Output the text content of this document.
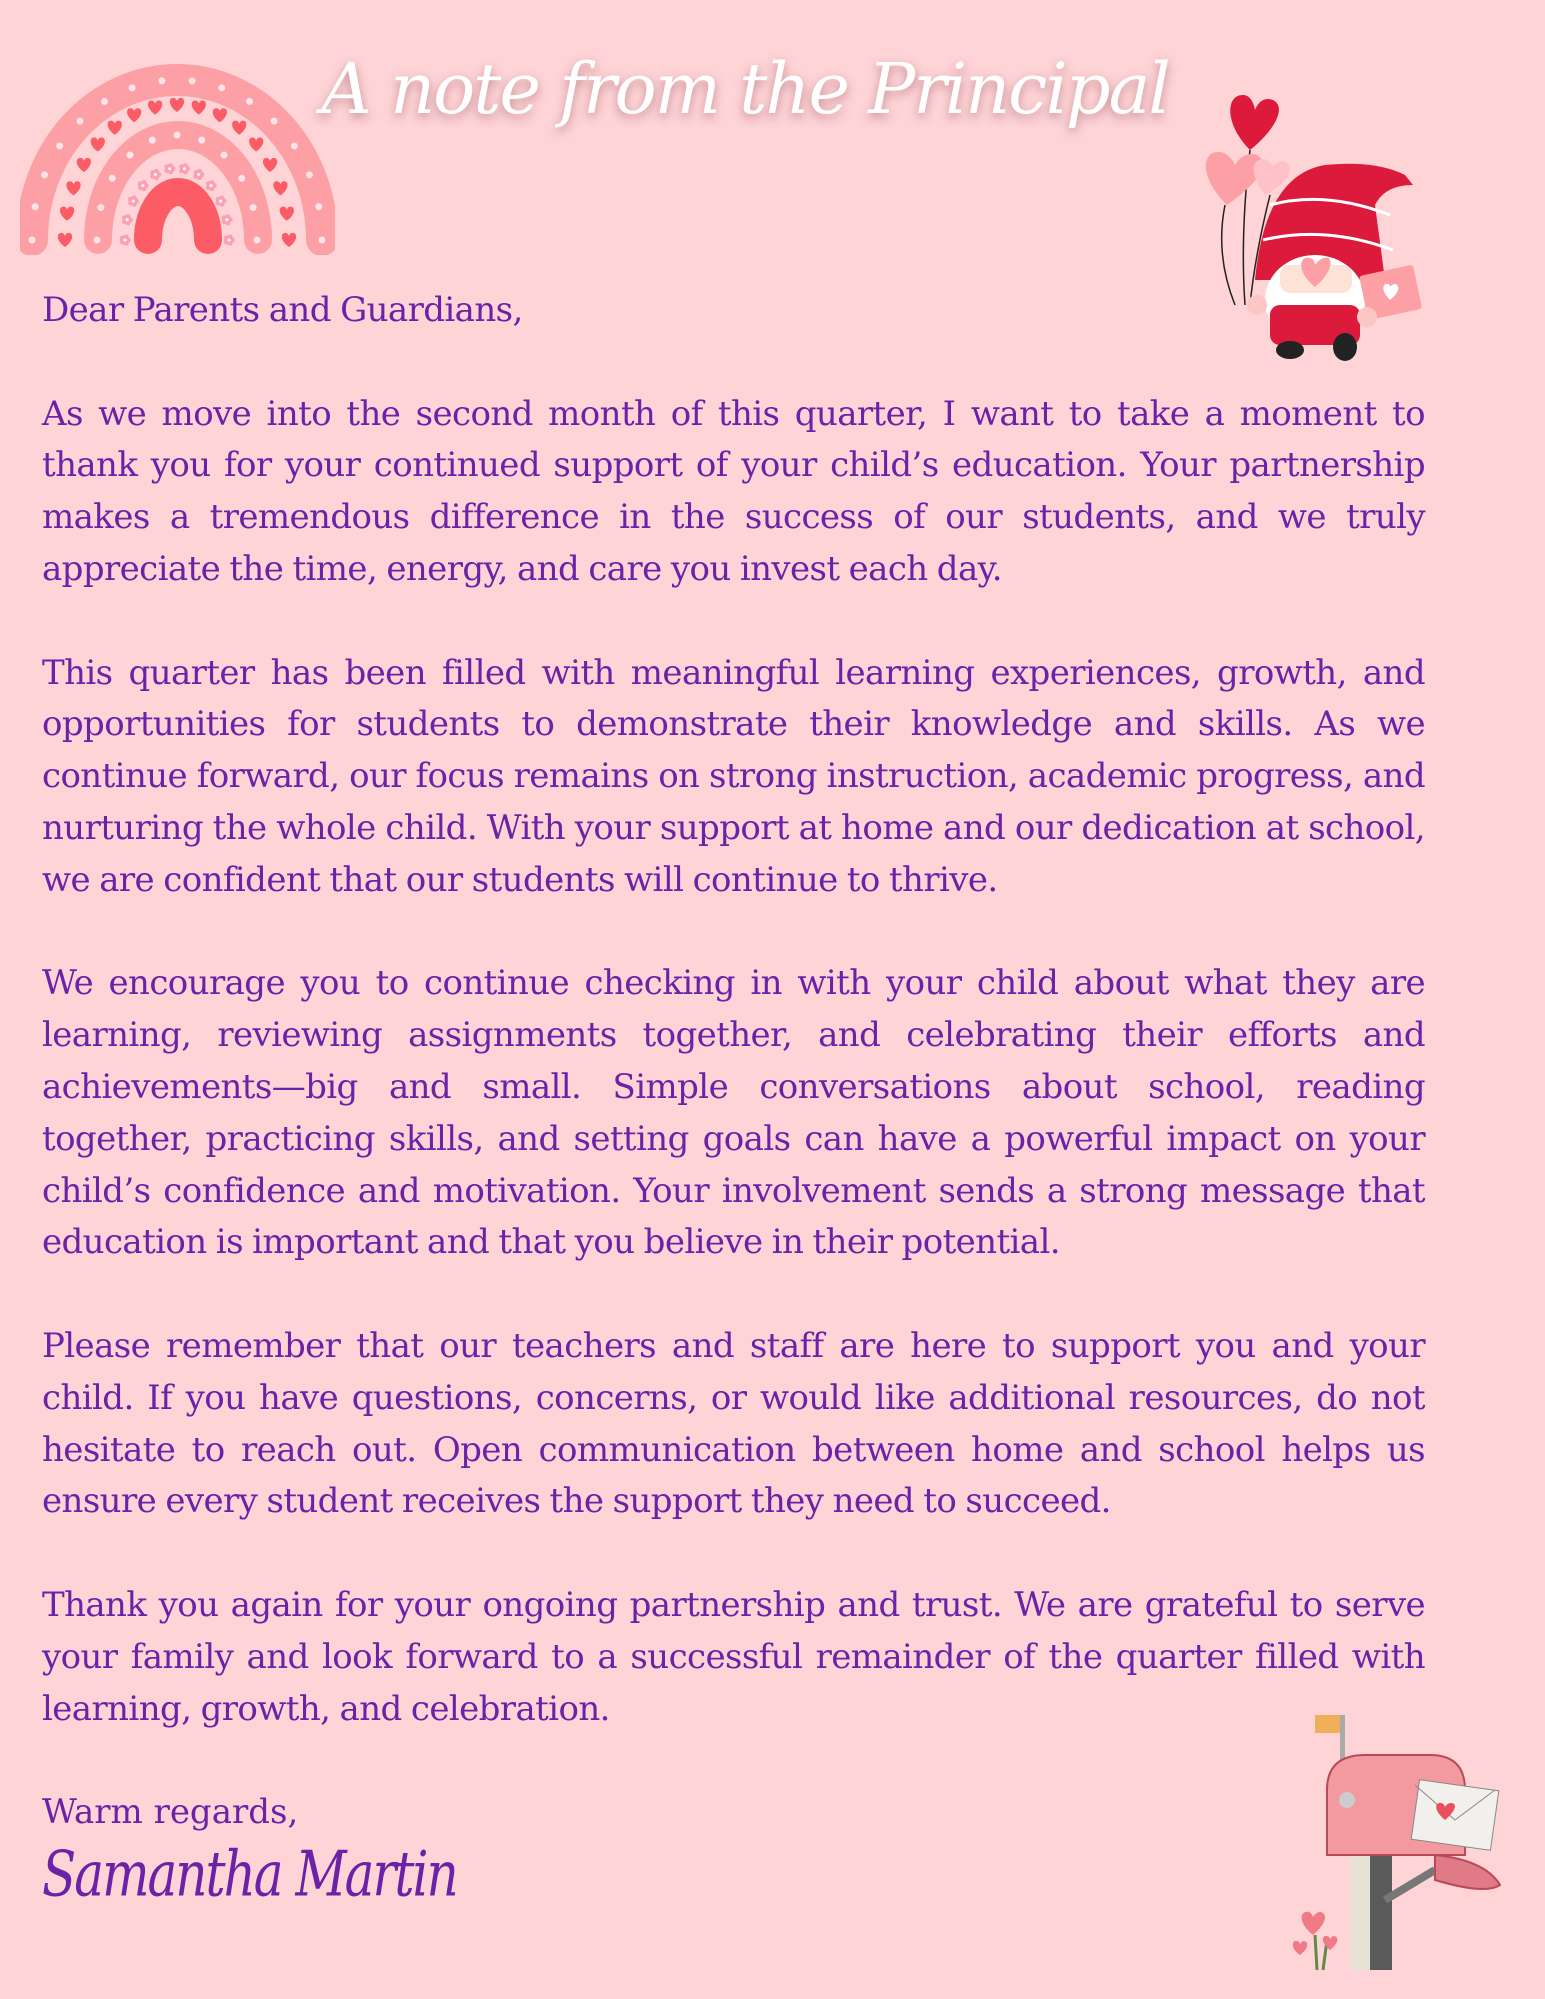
A note from the Principal

Dear Parents and Guardians,

As we move into the second month of this quarter, I want to take a moment to thank you for your continued support of your child’s education. Your partnership makes a tremendous difference in the success of our students, and we truly appreciate the time, energy, and care you invest each day.

This quarter has been filled with meaningful learning experiences, growth, and opportunities for students to demonstrate their knowledge and skills. As we continue forward, our focus remains on strong instruction, academic progress, and nurturing the whole child. With your support at home and our dedication at school, we are confident that our students will continue to thrive.

We encourage you to continue checking in with your child about what they are learning, reviewing assignments together, and celebrating their efforts and achievements—big and small. Simple conversations about school, reading together, practicing skills, and setting goals can have a powerful impact on your child’s confidence and motivation. Your involvement sends a strong message that education is important and that you believe in their potential.

Please remember that our teachers and staff are here to support you and your child. If you have questions, concerns, or would like additional resources, do not hesitate to reach out. Open communication between home and school helps us ensure every student receives the support they need to succeed.

Thank you again for your ongoing partnership and trust. We are grateful to serve your family and look forward to a successful remainder of the quarter filled with learning, growth, and celebration.

Warm regards,
Samantha Martin
